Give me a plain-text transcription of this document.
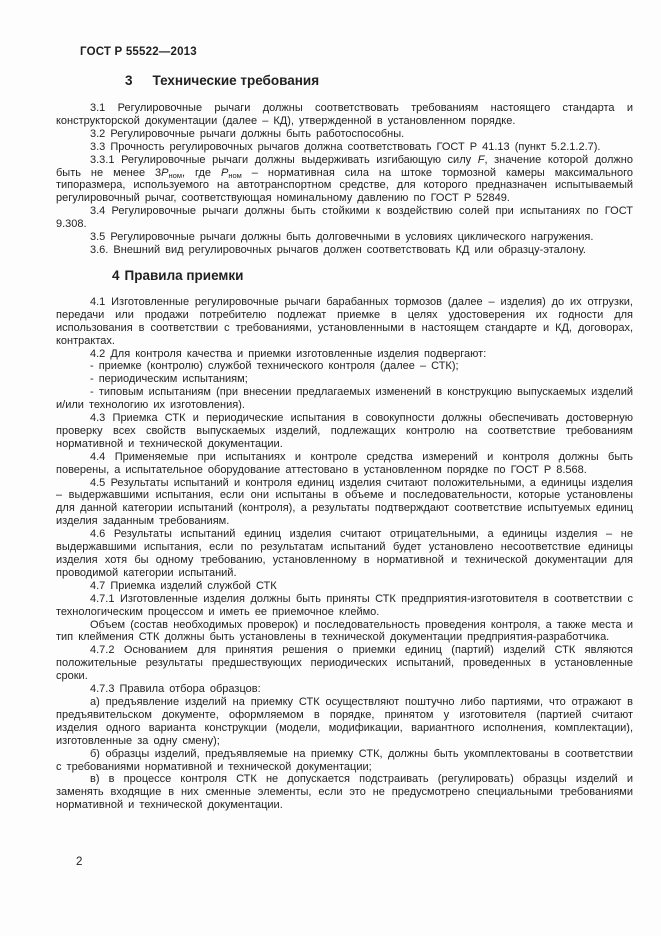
ГОСТ Р 55522—2013
3 Технические требования

3.1 Регулировочные рычаги должны соответствовать требованиям настоящего стандарта и конструкторской документации (далее – КД), утвержденной в установленном порядке.

3.2 Регулировочные рычаги должны быть работоспособны.

3.3 Прочность регулировочных рычагов должна соответствовать ГОСТ Р 41.13 (пункт 5.2.1.2.7).

3.3.1 Регулировочные рычаги должны выдерживать изгибающую силу F, значение которой должно быть не менее $3P_{ном}$, где $P_{ном}$ – нормативная сила на штоке тормозной камеры максимального типоразмера, используемого на автотранспортном средстве, для которого предназначен испытываемый регулировочный рычаг, соответствующая номинальному давлению по ГОСТ Р 52849.

3.4 Регулировочные рычаги должны быть стойкими к воздействию солей при испытаниях по ГОСТ 9.308.

3.5 Регулировочные рычаги должны быть долговечными в условиях циклического нагружения.

3.6. Внешний вид регулировочных рычагов должен соответствовать КД или образцу-эталону.

4 Правила приемки

4.1 Изготовленные регулировочные рычаги барабанных тормозов (далее – изделия) до их отгрузки, передачи или продажи потребителю подлежат приемке в целях удостоверения их годности для использования в соответствии с требованиями, установленными в настоящем стандарте и КД, договорах, контрактах.

4.2 Для контроля качества и приемки изготовленные изделия подвергают:

- приемке (контролю) службой технического контроля (далее – СТК);

- периодическим испытаниям;

- типовым испытаниям (при внесении предлагаемых изменений в конструкцию выпускаемых изделий и/или технологию их изготовления).

4.3 Приемка СТК и периодические испытания в совокупности должны обеспечивать достоверную проверку всех свойств выпускаемых изделий, подлежащих контролю на соответствие требованиям нормативной и технической документации.

4.4 Применяемые при испытаниях и контроле средства измерений и контроля должны быть поверены, а испытательное оборудование аттестовано в установленном порядке по ГОСТ Р 8.568.

4.5 Результаты испытаний и контроля единиц изделия считают положительными, а единицы изделия – выдержавшими испытания, если они испытаны в объеме и последовательности, которые установлены для данной категории испытаний (контроля), а результаты подтверждают соответствие испытуемых единиц изделия заданным требованиям.

4.6 Результаты испытаний единиц изделия считают отрицательными, а единицы изделия – не выдержавшими испытания, если по результатам испытаний будет установлено несоответствие единицы изделия хотя бы одному требованию, установленному в нормативной и технической документации для проводимой категории испытаний.

4.7 Приемка изделий службой СТК

4.7.1 Изготовленные изделия должны быть приняты СТК предприятия-изготовителя в соответствии с технологическим процессом и иметь ее приемочное клеймо.

Объем (состав необходимых проверок) и последовательность проведения контроля, а также места и тип клеймения СТК должны быть установлены в технической документации предприятия-разработчика.

4.7.2 Основанием для принятия решения о приемки единиц (партий) изделий СТК являются положительные результаты предшествующих периодических испытаний, проведенных в установленные сроки.

4.7.3 Правила отбора образцов:

а) предъявление изделий на приемку СТК осуществляют поштучно либо партиями, что отражают в предъявительском документе, оформляемом в порядке, принятом у изготовителя (партией считают изделия одного варианта конструкции (модели, модификации, вариантного исполнения, комплектации), изготовленные за одну смену);

б) образцы изделий, предъявляемые на приемку СТК, должны быть укомплектованы в соответствии с требованиями нормативной и технической документации;

в) в процессе контроля СТК не допускается подстраивать (регулировать) образцы изделий и заменять входящие в них сменные элементы, если это не предусмотрено специальными требованиями нормативной и технической документации.

2
